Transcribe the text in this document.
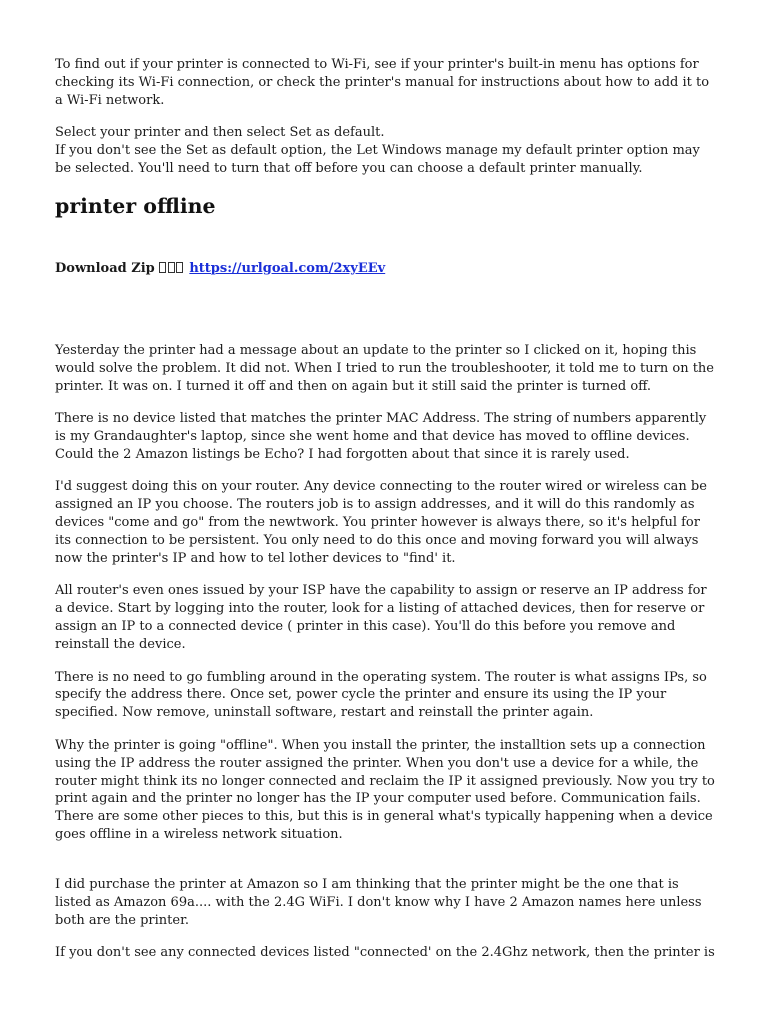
To find out if your printer is connected to Wi-Fi, see if your printer's built-in menu has options for checking its Wi-Fi connection, or check the printer's manual for instructions about how to add it to a Wi-Fi network.

Select your printer and then select Set as default.

If you don't see the Set as default option, the Let Windows manage my default printer option may be selected. You'll need to turn that off before you can choose a default printer manually.

printer offline

Download Zip	https://urlgoal.com/2xyEEv

Yesterday the printer had a message about an update to the printer so I clicked on it, hoping this would solve the problem. It did not. When I tried to run the troubleshooter, it told me to turn on the printer. It was on. I turned it off and then on again but it still said the printer is turned off.

There is no device listed that matches the printer MAC Address. The string of numbers apparently is my Grandaughter's laptop, since she went home and that device has moved to offline devices. Could the 2 Amazon listings be Echo? I had forgotten about that since it is rarely used.

I'd suggest doing this on your router. Any device connecting to the router wired or wireless can be assigned an IP you choose. The routers job is to assign addresses, and it will do this randomly as devices "come and go" from the newtwork. You printer however is always there, so it's helpful for its connection to be persistent. You only need to do this once and moving forward you will always now the printer's IP and how to tel lother devices to "find' it.

All router's even ones issued by your ISP have the capability to assign or reserve an IP address for a device. Start by logging into the router, look for a listing of attached devices, then for reserve or assign an IP to a connected device ( printer in this case). You'll do this before you remove and reinstall the device.

There is no need to go fumbling around in the operating system. The router is what assigns IPs, so specify the address there. Once set, power cycle the printer and ensure its using the IP your specified. Now remove, uninstall software, restart and reinstall the printer again.

Why the printer is going "offline". When you install the printer, the installtion sets up a connection using the IP address the router assigned the printer. When you don't use a device for a while, the router might think its no longer connected and reclaim the IP it assigned previously. Now you try to print again and the printer no longer has the IP your computer used before. Communication fails. There are some other pieces to this, but this is in general what's typically happening when a device goes offline in a wireless network situation.

I did purchase the printer at Amazon so I am thinking that the printer might be the one that is listed as Amazon 69a.... with the 2.4G WiFi. I don't know why I have 2 Amazon names here unless both are the printer.

If you don't see any connected devices listed "connected' on the 2.4Ghz network, then the printer is
